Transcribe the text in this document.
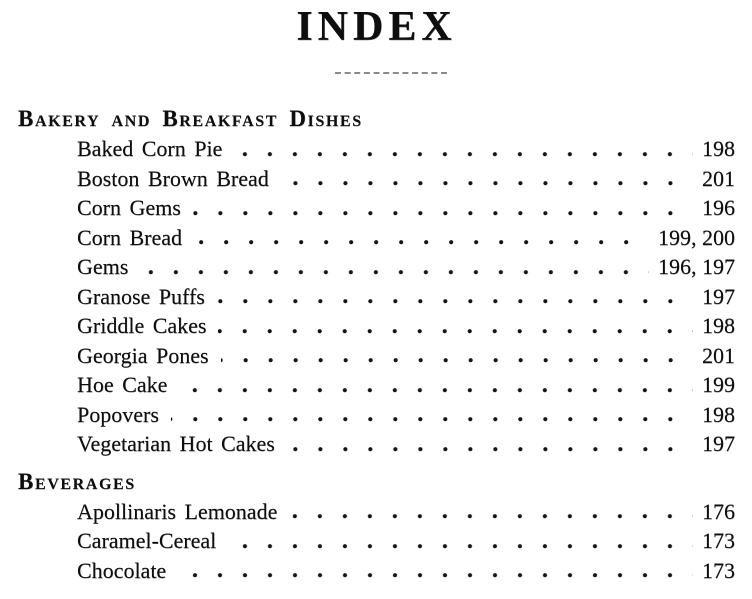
INDEX
Bakery and Breakfast Dishes
Baked Corn Pie	198
Boston Brown Bread	201
Corn Gems	196
Corn Bread	199, 200
Gems	196, 197
Granose Puffs	197
Griddle Cakes	198
Georgia Pones	201
Hoe Cake	199
Popovers	198
Vegetarian Hot Cakes	197
Beverages
Apollinaris Lemonade	176
Caramel-Cereal	173
Chocolate	173
